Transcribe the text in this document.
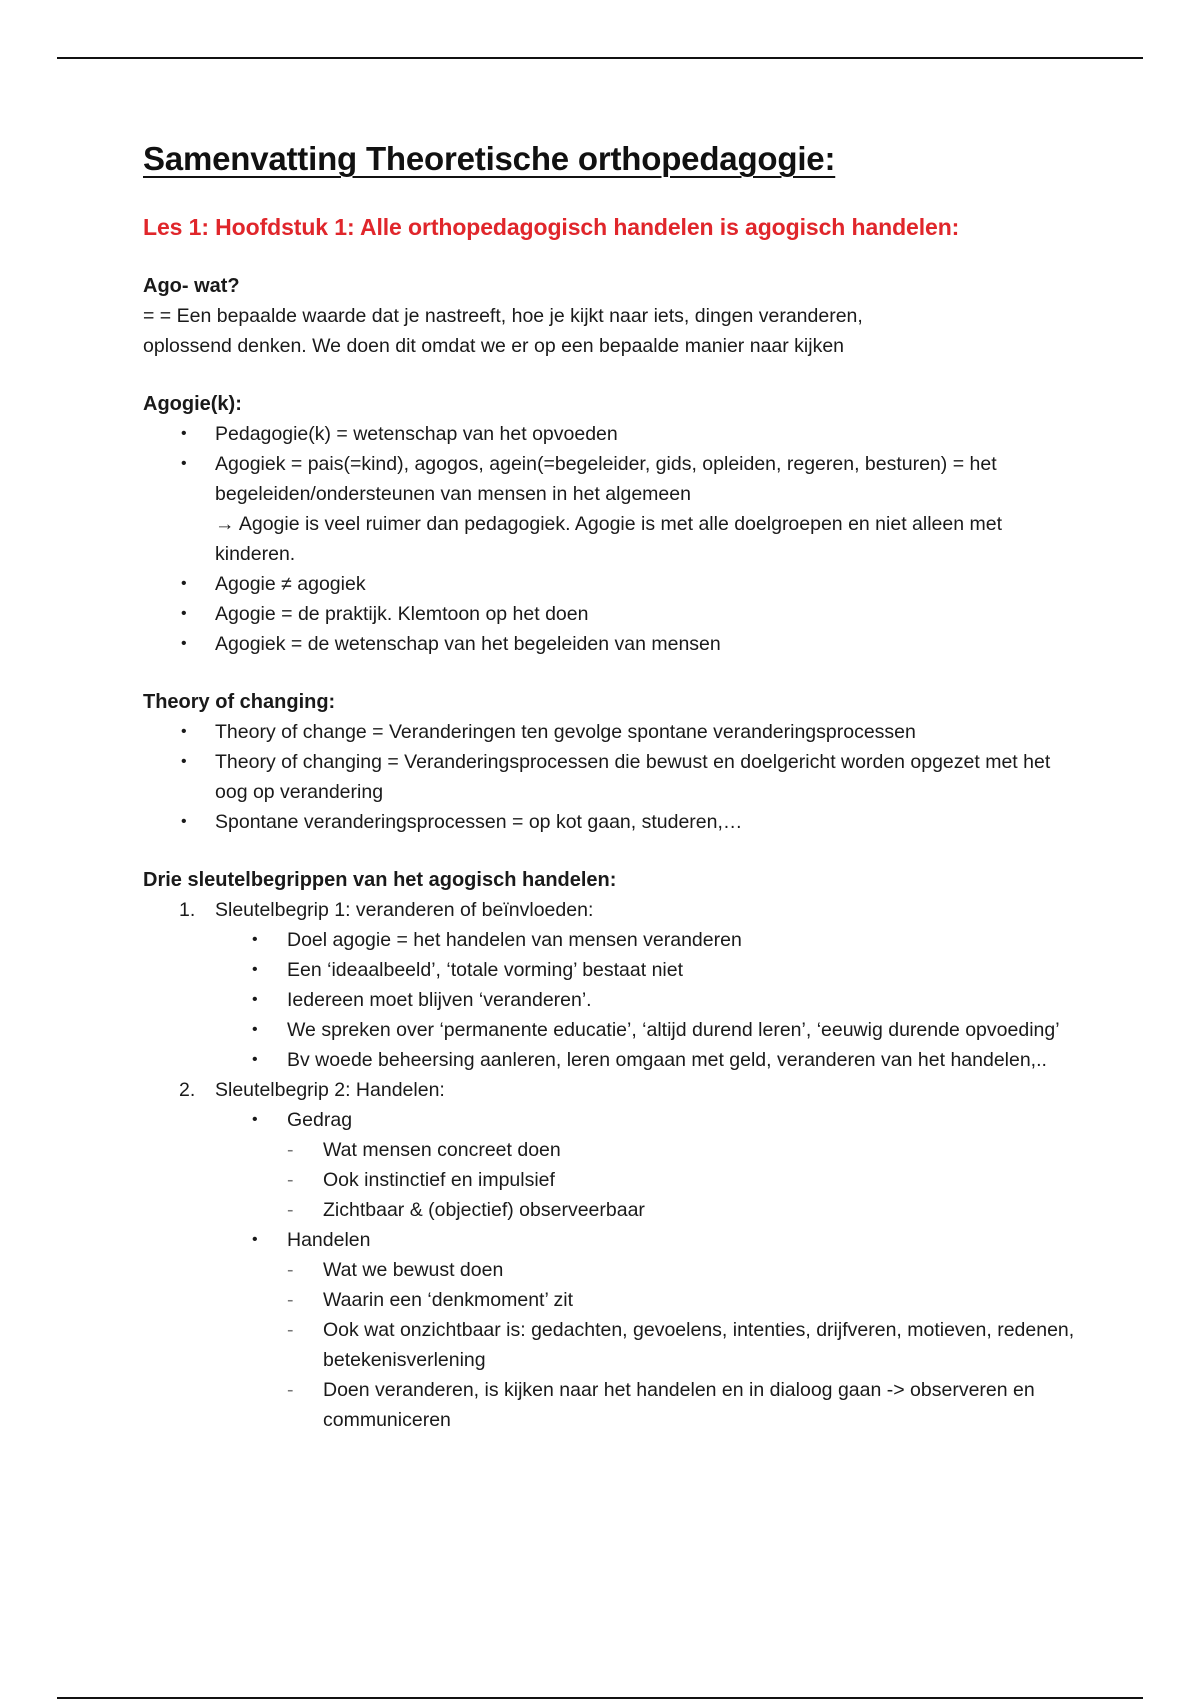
Samenvatting Theoretische orthopedagogie:
Les 1: Hoofdstuk 1: Alle orthopedagogisch handelen is agogisch handelen:
Ago- wat?

= = Een bepaalde waarde dat je nastreeft, hoe je kijkt naar iets, dingen veranderen,

oplossend denken. We doen dit omdat we er op een bepaalde manier naar kijken

Agogie(k):
• Pedagogie(k) = wetenschap van het opvoeden
• Agogiek = pais(=kind), agogos, agein(=begeleider, gids, opleiden, regeren, besturen) = het begeleiden/ondersteunen van mensen in het algemeen
→ Agogie is veel ruimer dan pedagogiek. Agogie is met alle doelgroepen en niet alleen met kinderen.
• Agogie ≠ agogiek
• Agogie = de praktijk. Klemtoon op het doen
• Agogiek = de wetenschap van het begeleiden van mensen
Theory of changing:
• Theory of change = Veranderingen ten gevolge spontane veranderingsprocessen
• Theory of changing = Veranderingsprocessen die bewust en doelgericht worden opgezet met het oog op verandering
• Spontane veranderingsprocessen = op kot gaan, studeren,…
Drie sleutelbegrippen van het agogisch handelen:
1. Sleutelbegrip 1: veranderen of beïnvloeden:
• Doel agogie = het handelen van mensen veranderen
• Een ‘ideaalbeeld’, ‘totale vorming’ bestaat niet
• Iedereen moet blijven ‘veranderen’.
• We spreken over ‘permanente educatie’, ‘altijd durend leren’, ‘eeuwig durende opvoeding’
• Bv woede beheersing aanleren, leren omgaan met geld, veranderen van het handelen,..
2. Sleutelbegrip 2: Handelen:
• Gedrag
- Wat mensen concreet doen
- Ook instinctief en impulsief
- Zichtbaar & (objectief) observeerbaar
• Handelen
- Wat we bewust doen
- Waarin een ‘denkmoment’ zit
- Ook wat onzichtbaar is: gedachten, gevoelens, intenties, drijfveren, motieven, redenen, betekenisverlening
- Doen veranderen, is kijken naar het handelen en in dialoog gaan -> observeren en communiceren
